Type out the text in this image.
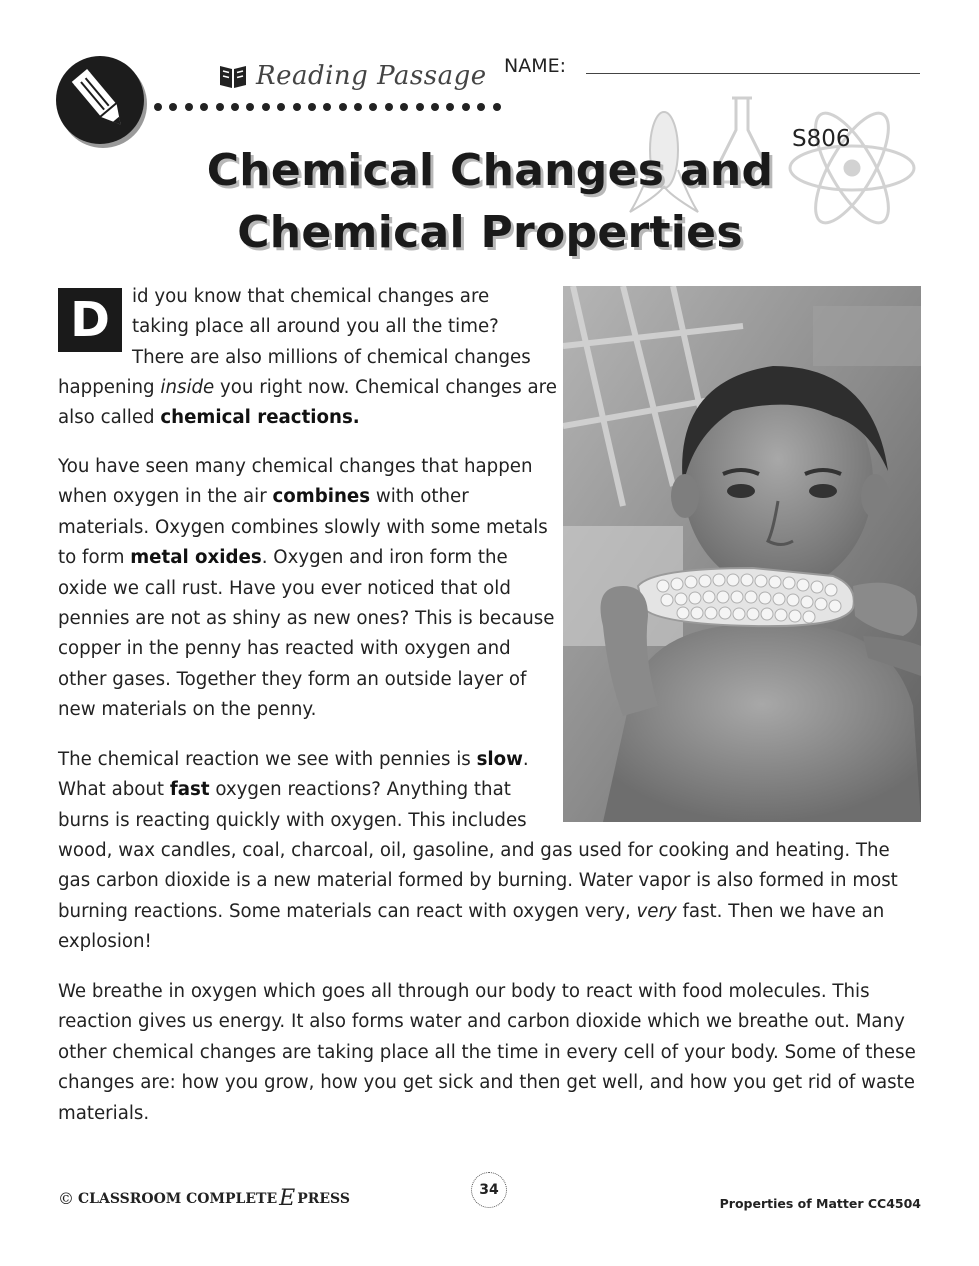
Reading Passage NAME:
S806
Chemical Changes and
Chemical Properties
D	id you know that chemical changes are
taking place all around you all the time?
There are also millions of chemical changes
happening inside you right now. Chemical changes are also called chemical reactions.
You have seen many chemical changes that happen when oxygen in the air combines with other materials. Oxygen combines slowly with some metals to form metal oxides. Oxygen and iron form the oxide we call rust. Have you ever noticed that old pennies are not as shiny as new ones? This is because copper in the penny has reacted with oxygen and other gases. Together they form an outside layer of new materials on the penny.
The chemical reaction we see with pennies is slow. What about fast oxygen reactions? Anything that burns is reacting quickly with oxygen. This includes
wood, wax candles, coal, charcoal, oil, gasoline, and gas used for cooking and heating. The gas carbon dioxide is a new material formed by burning. Water vapor is also formed in most burning reactions. Some materials can react with oxygen very, very fast. Then we have an explosion!
We breathe in oxygen which goes all through our body to react with food molecules. This reaction gives us energy. It also forms water and carbon dioxide which we breathe out. Many other chemical changes are taking place all the time in every cell of your body. Some of these changes are: how you grow, how you get sick and then get well, and how you get rid of waste materials.
© CLASSROOM COMPLETE E PRESS
34
Properties of Matter CC4504
